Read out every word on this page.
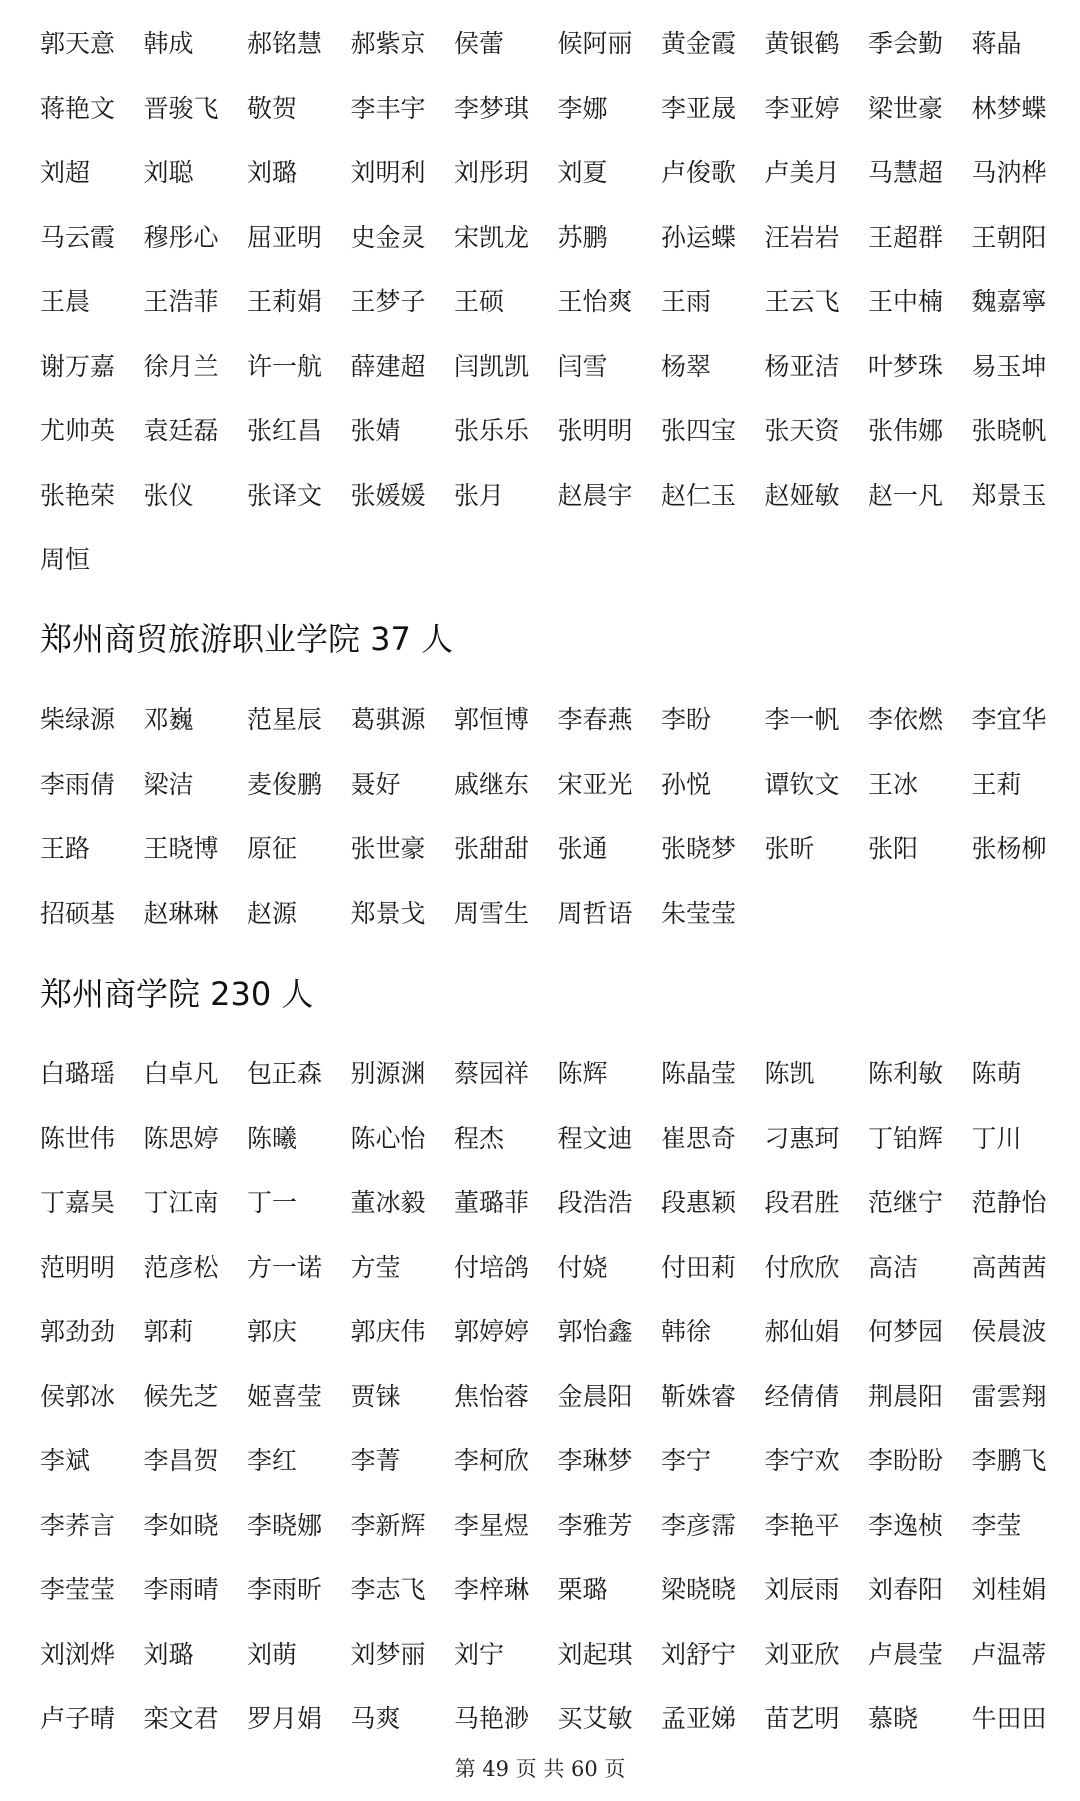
郭天意	韩成	郝铭慧	郝紫京	侯蕾	候阿丽	黄金霞	黄银鹤	季会勤	蒋晶
蒋艳文	晋骏飞	敬贺	李丰宇	李梦琪	李娜	李亚晟	李亚婷	梁世豪	林梦蝶
刘超	刘聪	刘璐	刘明利	刘彤玥	刘夏	卢俊歌	卢美月	马慧超	马汭桦
马云霞	穆彤心	屈亚明	史金灵	宋凯龙	苏鹏	孙运蝶	汪岩岩	王超群	王朝阳
王晨	王浩菲	王莉娟	王梦子	王硕	王怡爽	王雨	王云飞	王中楠	魏嘉寧
谢万嘉	徐月兰	许一航	薛建超	闫凯凯	闫雪	杨翠	杨亚洁	叶梦珠	易玉坤
尤帅英	袁廷磊	张红昌	张婧	张乐乐	张明明	张四宝	张天资	张伟娜	张晓帆
张艳荣	张仪	张译文	张媛媛	张月	赵晨宇	赵仁玉	赵娅敏	赵一凡	郑景玉
周恒
郑州商贸旅游职业学院 37 人
柴绿源	邓巍	范星辰	葛骐源	郭恒博	李春燕	李盼	李一帆	李依燃	李宜华
李雨倩	梁洁	麦俊鹏	聂好	戚继东	宋亚光	孙悦	谭钦文	王冰	王莉
王路	王晓博	原征	张世豪	张甜甜	张通	张晓梦	张昕	张阳	张杨柳
招硕基	赵琳琳	赵源	郑景戈	周雪生	周哲语	朱莹莹
郑州商学院 230 人
白璐瑶	白卓凡	包正森	别源渊	蔡园祥	陈辉	陈晶莹	陈凯	陈利敏	陈萌
陈世伟	陈思婷	陈曦	陈心怡	程杰	程文迪	崔思奇	刁惠珂	丁铂辉	丁川
丁嘉昊	丁江南	丁一	董冰毅	董璐菲	段浩浩	段惠颖	段君胜	范继宁	范静怡
范明明	范彦松	方一诺	方莹	付培鸽	付娆	付田莉	付欣欣	高洁	高茜茜
郭劲劲	郭莉	郭庆	郭庆伟	郭婷婷	郭怡鑫	韩徐	郝仙娟	何梦园	侯晨波
侯郭冰	候先芝	姬喜莹	贾铼	焦怡蓉	金晨阳	靳姝睿	经倩倩	荆晨阳	雷雲翔
李斌	李昌贺	李红	李菁	李柯欣	李琳梦	李宁	李宁欢	李盼盼	李鹏飞
李荞言	李如晓	李晓娜	李新辉	李星煜	李雅芳	李彦霈	李艳平	李逸桢	李莹
李莹莹	李雨晴	李雨昕	李志飞	李梓琳	栗璐	梁晓晓	刘辰雨	刘春阳	刘桂娟
刘浏烨	刘璐	刘萌	刘梦丽	刘宁	刘起琪	刘舒宁	刘亚欣	卢晨莹	卢温蒂
卢子晴	栾文君	罗月娟	马爽	马艳渺	买艾敏	孟亚娣	苗艺明	慕晓	牛田田
第 49 页 共 60 页
